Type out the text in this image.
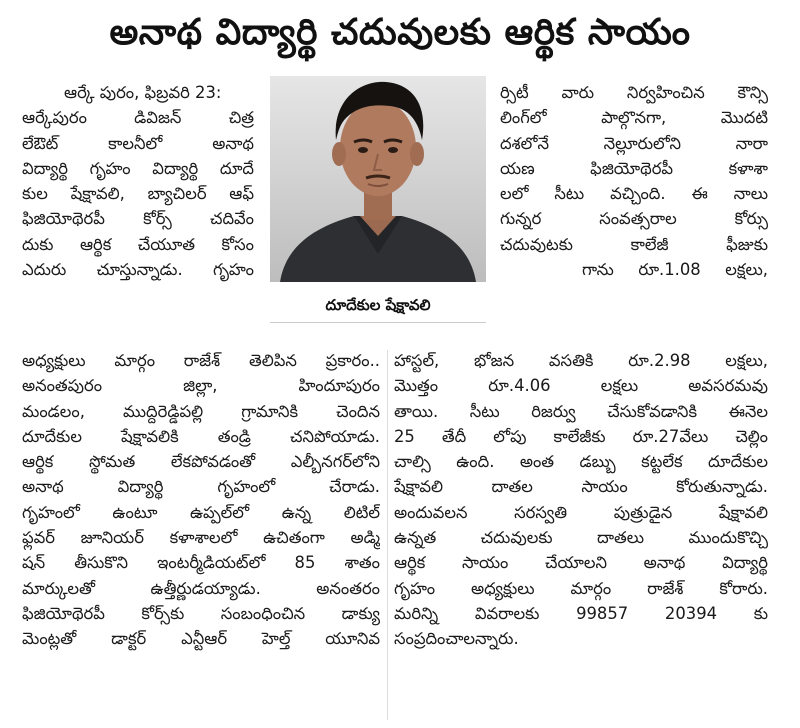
అనాథ విద్యార్థి చదువులకు ఆర్థిక సాయం

ఆర్కే పురం, ఫిబ్రవరి 23:

ఆర్కేపురం డివిజన్ చిత్ర

లేఔట్ కాలనీలో అనాథ

విద్యార్థి గృహం విద్యార్థి దూదే

కుల షేక్షావలి, బ్యాచిలర్ ఆఫ్

ఫిజియోథెరపీ కోర్స్ చదివేం

దుకు ఆర్థిక చేయూత కోసం

ఎదురు చూస్తున్నాడు. గృహం

దూదేకుల షేక్షావలి

ర్సిటీ వారు నిర్వహించిన కౌన్సి

లింగ్‌లో పాల్గొనగా, మొదటి

దశలోనే నెల్లూరులోని నారా

యణ ఫిజియోథెరపీ కళాశా

లలో సీటు వచ్చింది. ఈ నాలు

గున్నర సంవత్సరాల కోర్సు

చదువుటకు కాలేజీ ఫీజుకు

గాను రూ.1.08 లక్షలు,

అధ్యక్షులు మార్గం రాజేశ్ తెలిపిన ప్రకారం..

అనంతపురం జిల్లా, హిందూపురం

మండలం, ముద్దిరెడ్డిపల్లి గ్రామానికి చెందిన

దూదేకుల షేక్షావలికి తండ్రి చనిపోయాడు.

ఆర్థిక స్థోమత లేకపోవడంతో ఎల్బీనగర్‌లోని

అనాథ విద్యార్థి గృహంలో చేరాడు.

గృహంలో ఉంటూ ఉప్పల్‌లో ఉన్న లిటిల్

ఫ్లవర్ జూనియర్ కళాశాలలో ఉచితంగా అడ్మి

షన్ తీసుకొని ఇంటర్మీడియట్‌లో 85 శాతం

మార్కులతో ఉత్తీర్ణుడయ్యాడు. అనంతరం

ఫిజియోథెరపీ కోర్స్‌కు సంబంధించిన డాక్యు

మెంట్లతో డాక్టర్ ఎన్టీఆర్ హెల్త్ యూనివ

హాస్టల్, భోజన వసతికి రూ.2.98 లక్షలు,

మొత్తం రూ.4.06 లక్షలు అవసరమవు

తాయి. సీటు రిజర్వు చేసుకోవడానికి ఈనెల

25 తేదీ లోపు కాలేజీకు రూ.27వేలు చెల్లిం

చాల్సి ఉంది. అంత డబ్బు కట్టలేక దూదేకుల

షేక్షావలి దాతల సాయం కోరుతున్నాడు.

అందువలన సరస్వతి పుత్రుడైన షేక్షావలి

ఉన్నత చదువులకు దాతలు ముందుకొచ్చి

ఆర్థిక సాయం చేయాలని అనాథ విద్యార్థి

గృహం అధ్యక్షులు మార్గం రాజేశ్ కోరారు.

మరిన్ని వివరాలకు 99857 20394 కు

సంప్రదించాలన్నారు.
